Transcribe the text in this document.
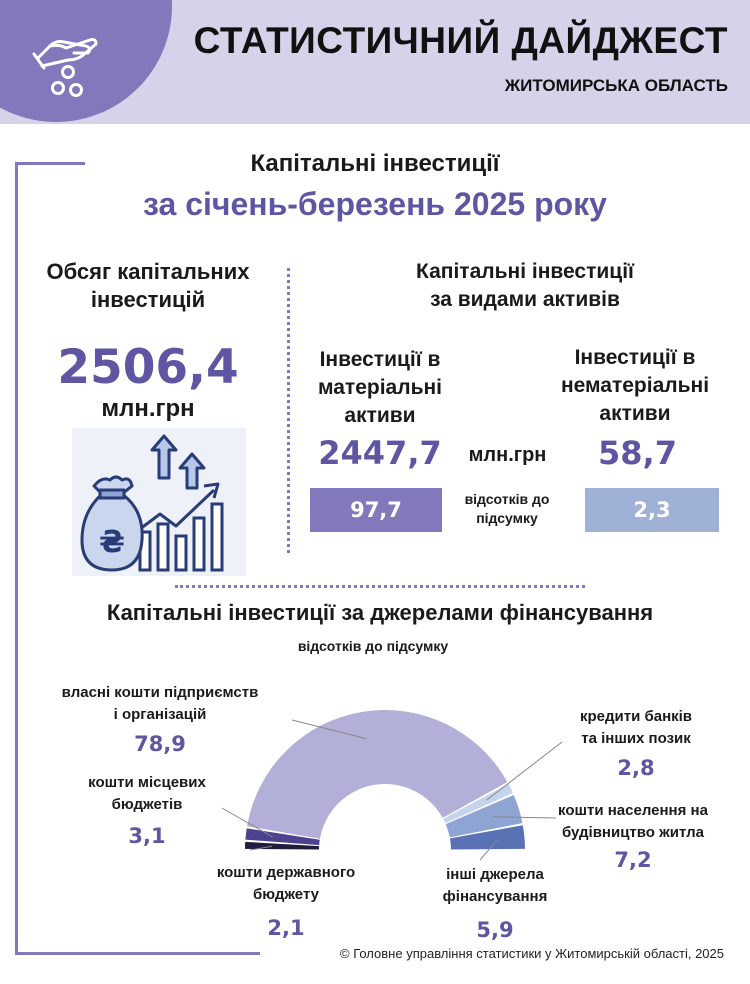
СТАТИСТИЧНИЙ ДАЙДЖЕСТ
ЖИТОМИРСЬКА ОБЛАСТЬ
Капітальні інвестиції
за січень-березень 2025 року
Обсяг капітальних
інвестицій
2506,4
млн.грн
₴
Капітальні інвестиції
за видами активів
Інвестиції в
матеріальні
активи
2447,7	млн.грн
Інвестиції в
нематеріальні
активи
58,7
97,7	відсотків до
підсумку	2,3
Капітальні інвестиції за джерелами фінансування
відсотків до підсумку
кошти державного
бюджету
2,1
кошти місцевих
бюджетів
3,1
власні кошти підприємств
і організацій
78,9
кредити банків
та інших позик
2,8
кошти населення на
будівництво житла
7,2
інші джерела
фінансування
5,9
© Головне управління статистики у Житомирській області, 2025
